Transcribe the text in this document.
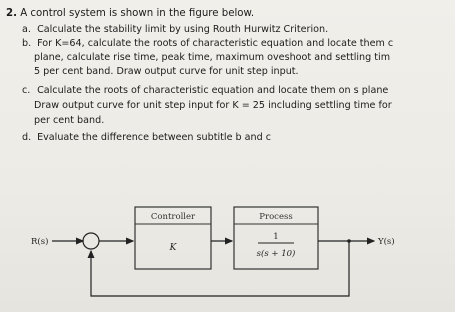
2. A control system is shown in the figure below.
a. Calculate the stability limit by using Routh Hurwitz Criterion.
b. For K=64, calculate the roots of characteristic equation and locate them c
plane, calculate rise time, peak time, maximum oveshoot and settling tim
5 per cent band. Draw output curve for unit step input.
c. Calculate the roots of characteristic equation and locate them on s plane
Draw output curve for unit step input for K = 25 including settling time for
per cent band.
d. Evaluate the difference between subtitle b and c
R(s)
Controller
K
Process
1
s(s + 10)
Y(s)
